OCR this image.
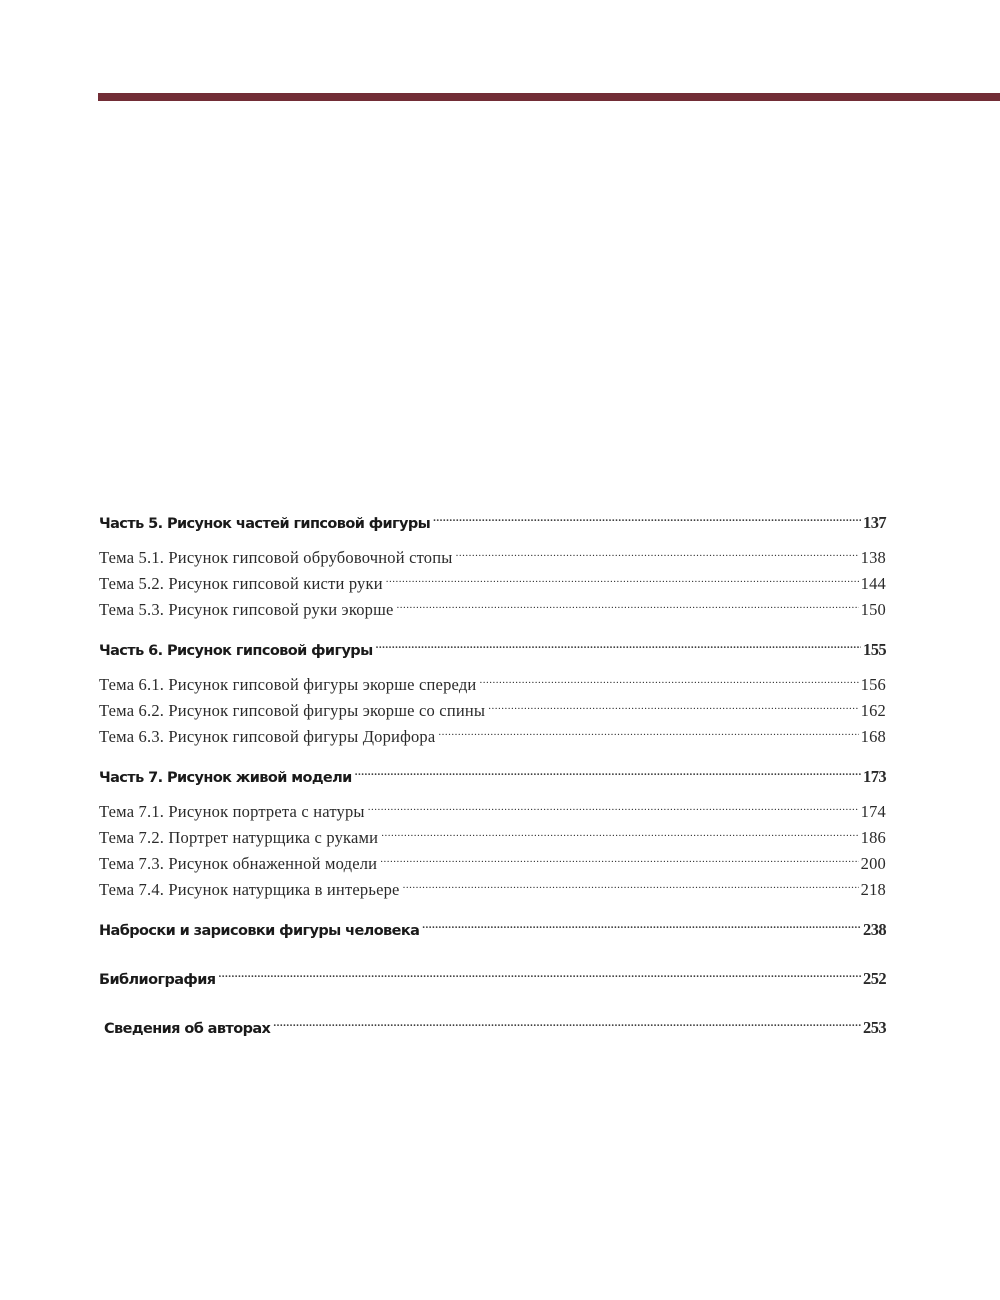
Часть 5. Рисунок частей гипсовой фигуры .....	137
Тема 5.1. Рисунок гипсовой обрубовочной стопы .....	138
Тема 5.2. Рисунок гипсовой кисти руки .....	144
Тема 5.3. Рисунок гипсовой руки экорше .....	150
Часть 6. Рисунок гипсовой фигуры .....	155
Тема 6.1. Рисунок гипсовой фигуры экорше спереди .....	156
Тема 6.2. Рисунок гипсовой фигуры экорше со спины .....	162
Тема 6.3. Рисунок гипсовой фигуры Дорифора .....	168
Часть 7. Рисунок живой модели .....	173
Тема 7.1. Рисунок портрета с натуры .....	174
Тема 7.2. Портрет натурщика с руками .....	186
Тема 7.3. Рисунок обнаженной модели .....	200
Тема 7.4. Рисунок натурщика в интерьере .....	218
Наброски и зарисовки фигуры человека .....	238
Библиография .....	252
Сведения об авторах .....	253
